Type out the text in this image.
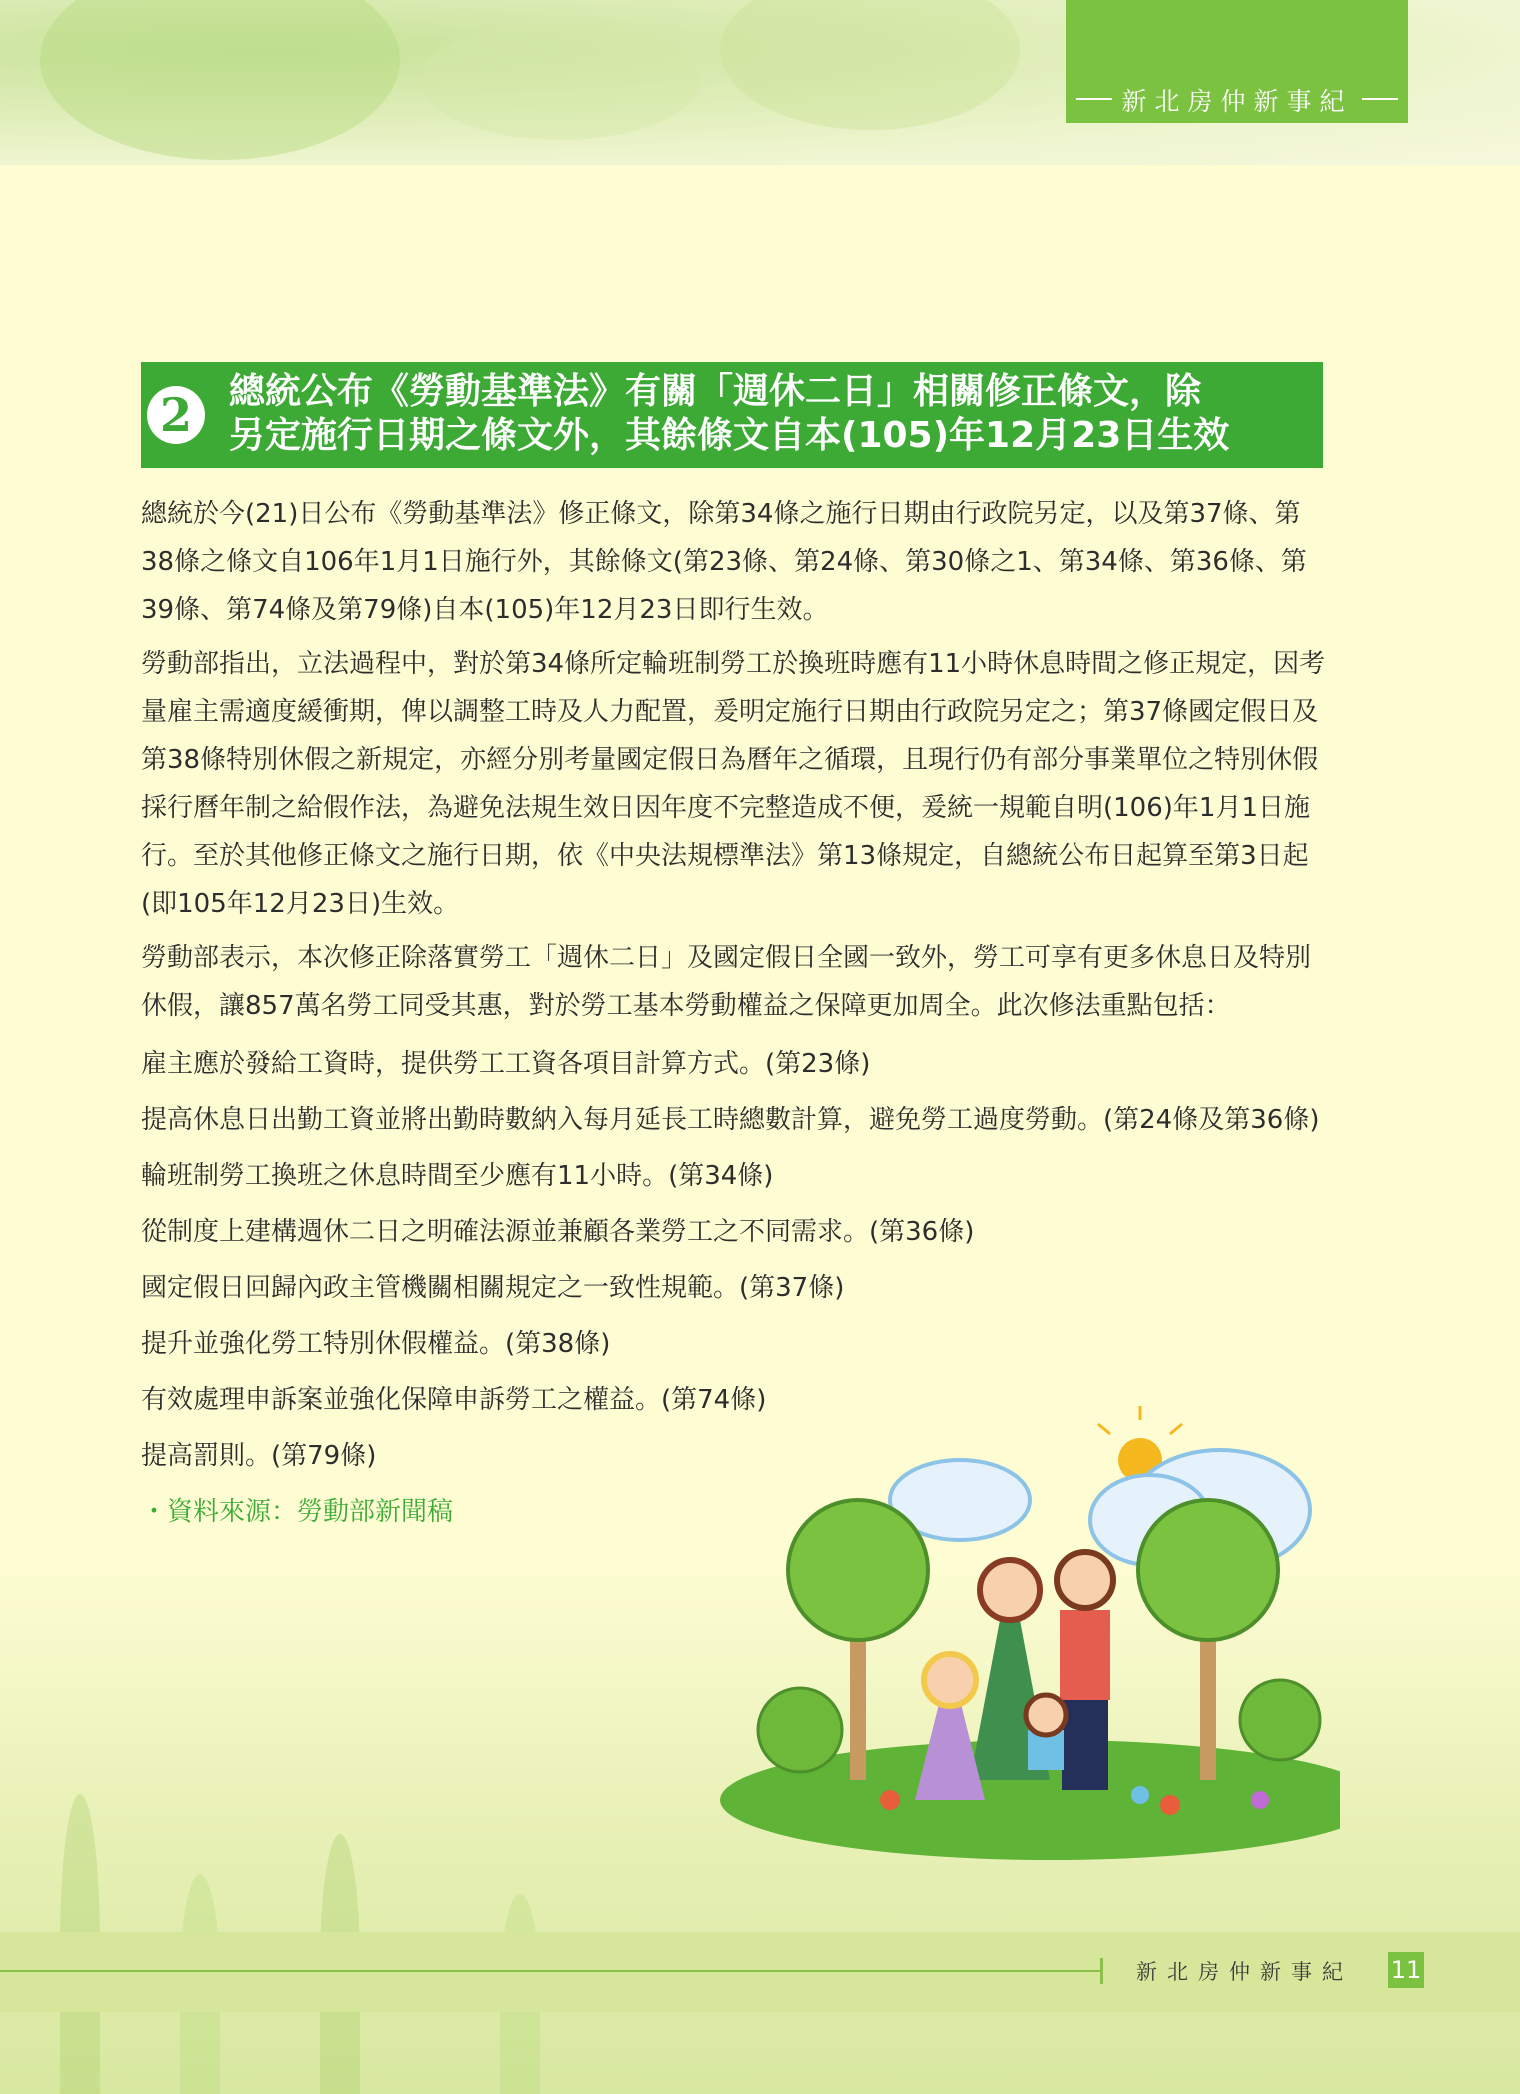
新北房仲新事紀
2	總統公布《勞動基準法》有關「週休二日」相關修正條文，除
另定施行日期之條文外，其餘條文自本(105)年12月23日生效

總統於今(21)日公布《勞動基準法》修正條文，除第34條之施行日期由行政院另定，以及第37條、第38條之條文自106年1月1日施行外，其餘條文(第23條、第24條、第30條之1、第34條、第36條、第39條、第74條及第79條)自本(105)年12月23日即行生效。

勞動部指出，立法過程中，對於第34條所定輪班制勞工於換班時應有11小時休息時間之修正規定，因考量雇主需適度緩衝期，俾以調整工時及人力配置，爰明定施行日期由行政院另定之；第37條國定假日及第38條特別休假之新規定，亦經分別考量國定假日為曆年之循環，且現行仍有部分事業單位之特別休假採行曆年制之給假作法，為避免法規生效日因年度不完整造成不便，爰統一規範自明(106)年1月1日施行。至於其他修正條文之施行日期，依《中央法規標準法》第13條規定，自總統公布日起算至第3日起(即105年12月23日)生效。

勞動部表示，本次修正除落實勞工「週休二日」及國定假日全國一致外，勞工可享有更多休息日及特別休假，讓857萬名勞工同受其惠，對於勞工基本勞動權益之保障更加周全。此次修法重點包括：

雇主應於發給工資時，提供勞工工資各項目計算方式。(第23條)
提高休息日出勤工資並將出勤時數納入每月延長工時總數計算，避免勞工過度勞動。(第24條及第36條)
輪班制勞工換班之休息時間至少應有11小時。(第34條)
從制度上建構週休二日之明確法源並兼顧各業勞工之不同需求。(第36條)
國定假日回歸內政主管機關相關規定之一致性規範。(第37條)
提升並強化勞工特別休假權益。(第38條)
有效處理申訴案並強化保障申訴勞工之權益。(第74條)
提高罰則。(第79條)
・資料來源：勞動部新聞稿
新北房仲新事紀 11
